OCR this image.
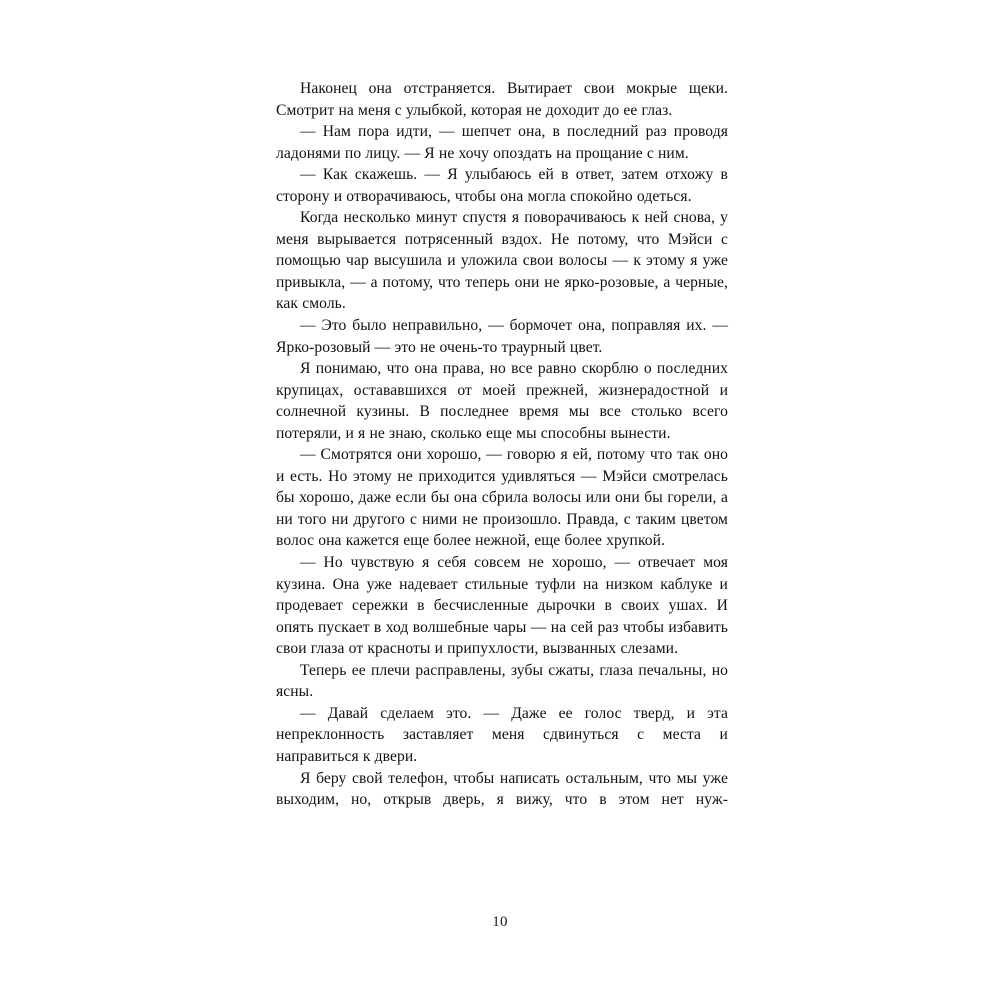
Наконец она отстраняется. Вытирает свои мокрые щеки. Смотрит на меня с улыбкой, которая не доходит до ее глаз.

— Нам пора идти, — шепчет она, в последний раз проводя ладонями по лицу. — Я не хочу опоздать на прощание с ним.

— Как скажешь. — Я улыбаюсь ей в ответ, затем отхожу в сторону и отворачиваюсь, чтобы она могла спокойно одеться.

Когда несколько минут спустя я поворачиваюсь к ней снова, у меня вырывается потрясенный вздох. Не потому, что Мэйси с помощью чар высушила и уложила свои волосы — к этому я уже привыкла, — а потому, что теперь они не ярко-розовые, а черные, как смоль.

— Это было неправильно, — бормочет она, поправляя их. — Ярко-розовый — это не очень-то траурный цвет.

Я понимаю, что она права, но все равно скорблю о последних крупицах, остававшихся от моей прежней, жизнерадостной и солнечной кузины. В последнее время мы все столько всего потеряли, и я не знаю, сколько еще мы способны вынести.

— Смотрятся они хорошо, — говорю я ей, потому что так оно и есть. Но этому не приходится удивляться — Мэйси смотрелась бы хорошо, даже если бы она сбрила волосы или они бы горели, а ни того ни другого с ними не произошло. Правда, с таким цветом волос она кажется еще более нежной, еще более хрупкой.

— Но чувствую я себя совсем не хорошо, — отвечает моя кузина. Она уже надевает стильные туфли на низком каблуке и продевает сережки в бесчисленные дырочки в своих ушах. И опять пускает в ход волшебные чары — на сей раз чтобы избавить свои глаза от красноты и припухлости, вызванных слезами.

Теперь ее плечи расправлены, зубы сжаты, глаза печальны, но ясны.

— Давай сделаем это. — Даже ее голос тверд, и эта непреклонность заставляет меня сдвинуться с места и направиться к двери.

Я беру свой телефон, чтобы написать остальным, что мы уже выходим, но, открыв дверь, я вижу, что в этом нет нуж-

10
